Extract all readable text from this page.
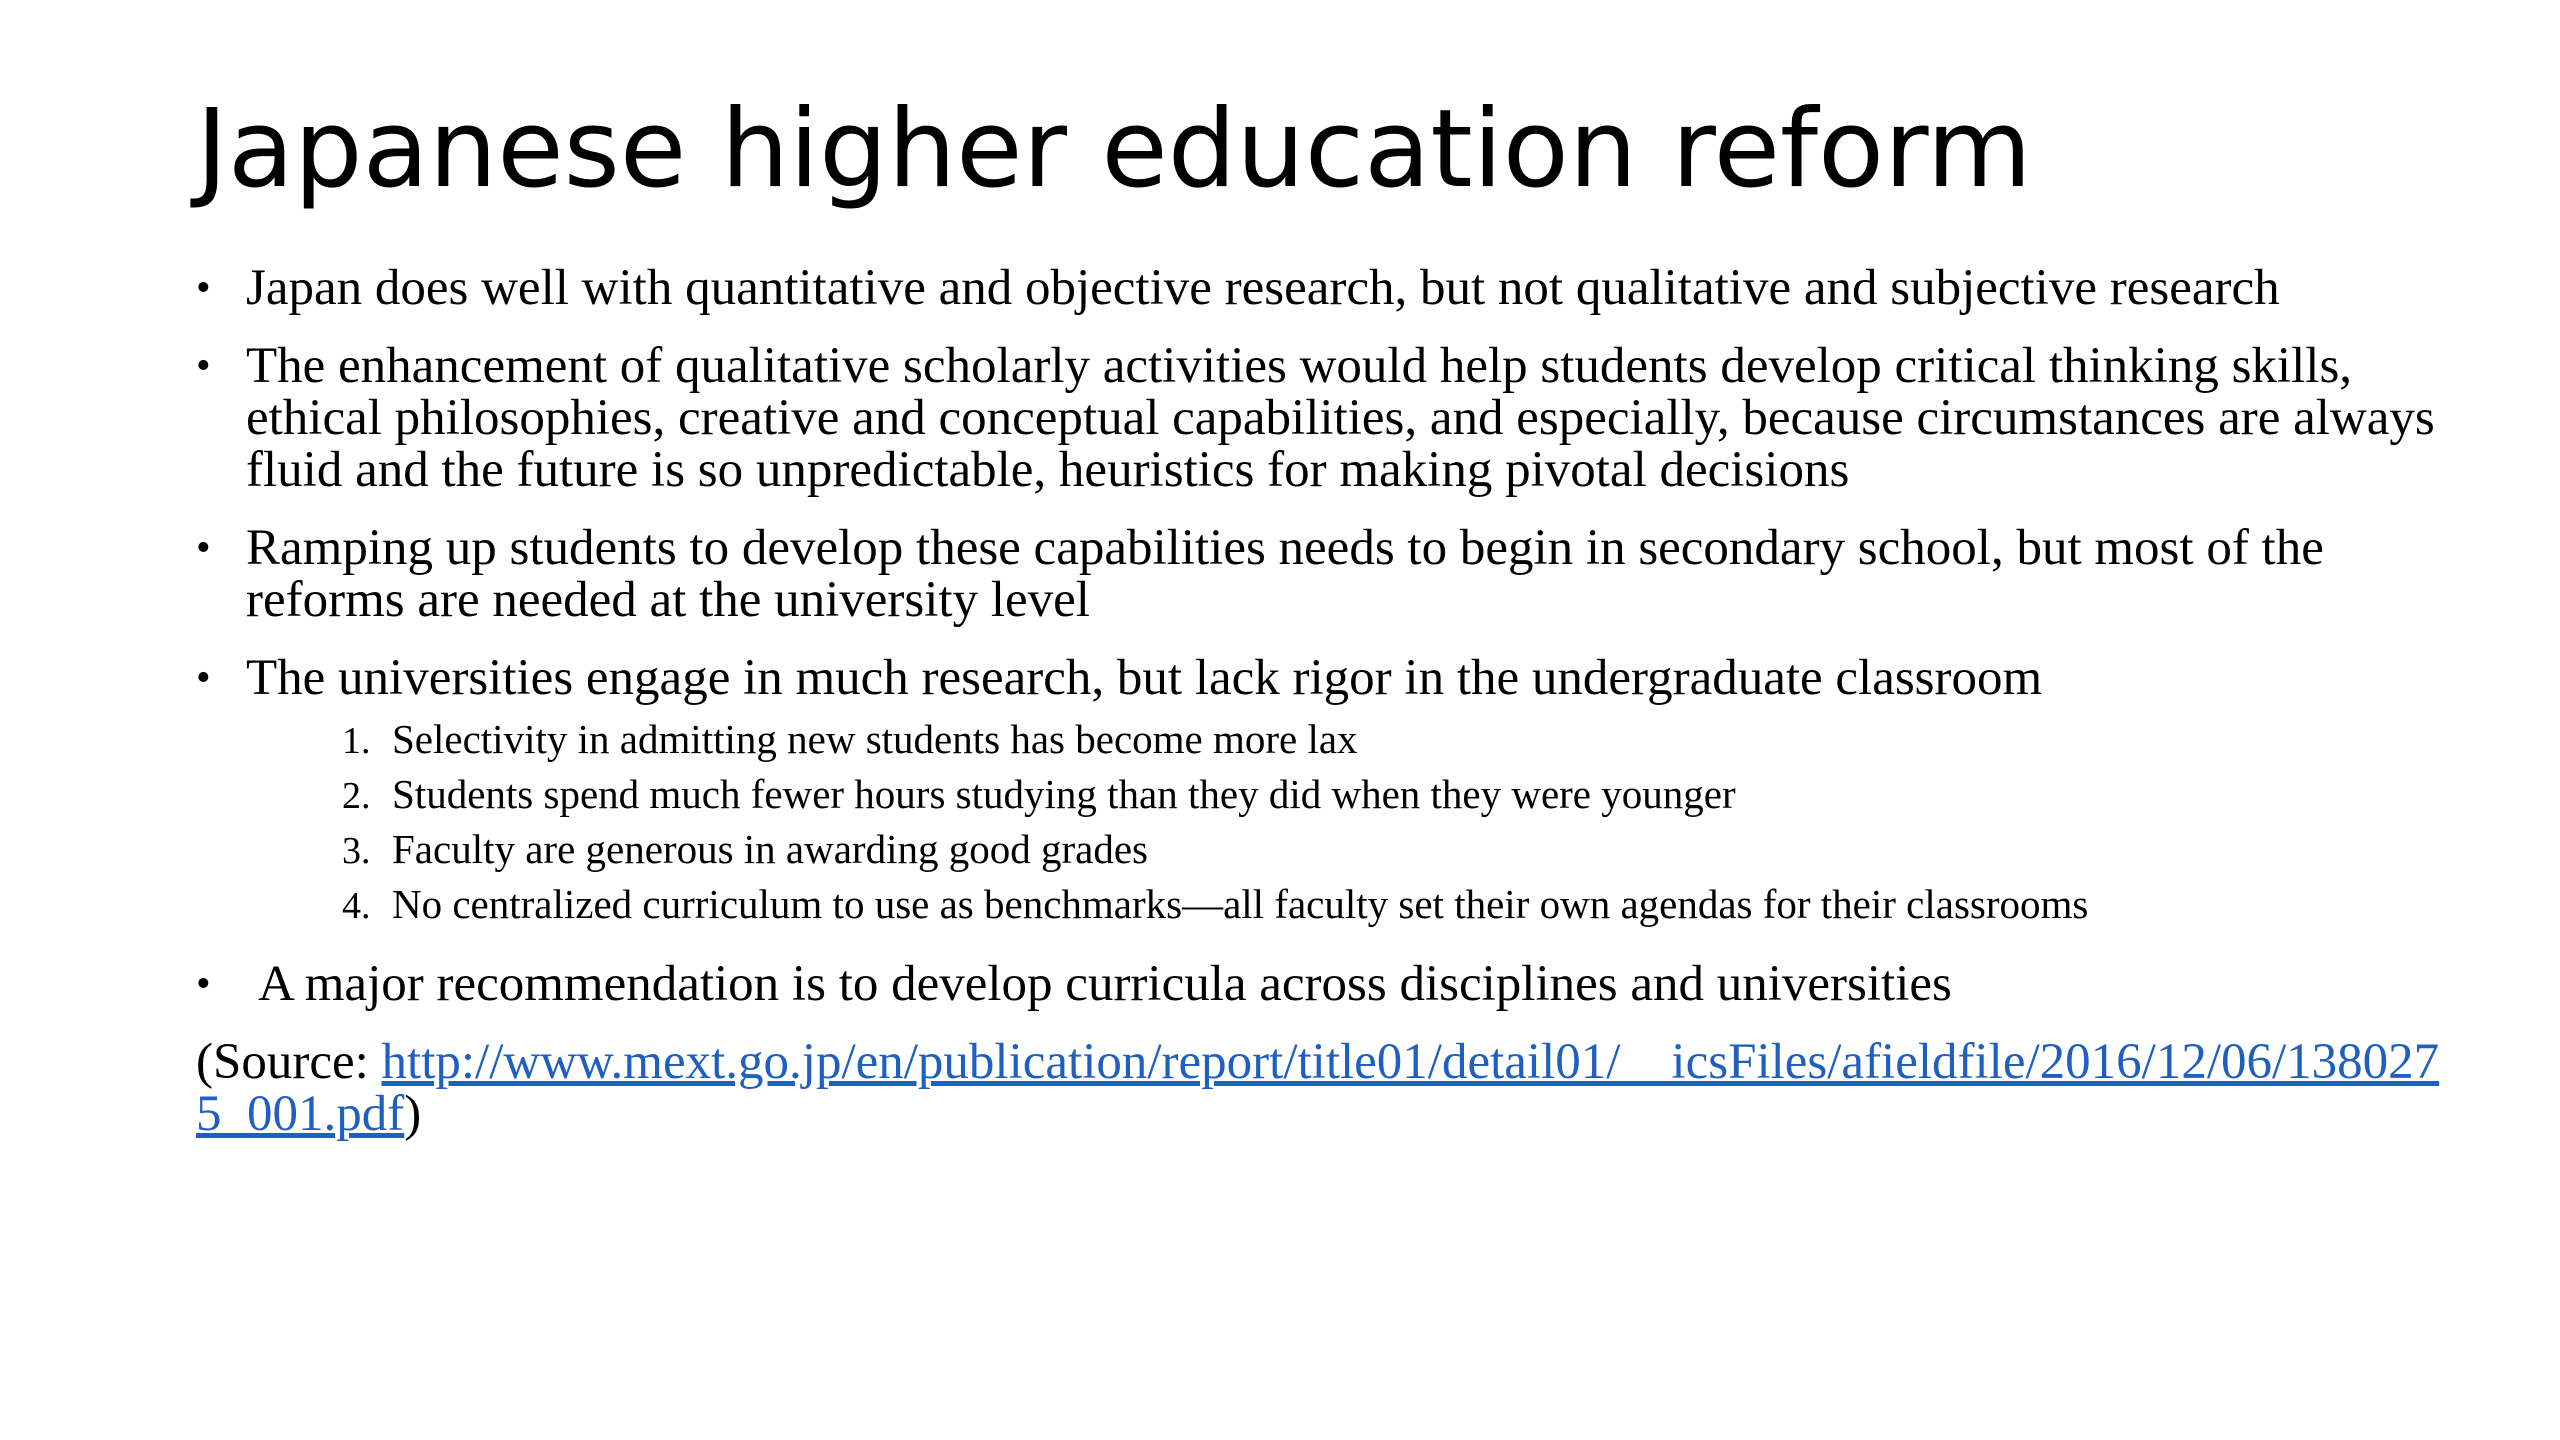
Japanese higher education reform
• Japan does well with quantitative and objective research, but not qualitative and subjective research
• The enhancement of qualitative scholarly activities would help students develop critical thinking skills, ethical philosophies, creative and conceptual capabilities, and especially, because circumstances are always fluid and the future is so unpredictable, heuristics for making pivotal decisions
• Ramping up students to develop these capabilities needs to begin in secondary school, but most of the reforms are needed at the university level
• The universities engage in much research, but lack rigor in the undergraduate classroom
1. Selectivity in admitting new students has become more lax
2. Students spend much fewer hours studying than they did when they were younger
3. Faculty are generous in awarding good grades
4. No centralized curriculum to use as benchmarks—all faculty set their own agendas for their classrooms
• A major recommendation is to develop curricula across disciplines and universities
(Source: http://www.mext.go.jp/en/publication/report/title01/detail01/__icsFiles/afieldfile/2016/12/06/1380275_001.pdf)
